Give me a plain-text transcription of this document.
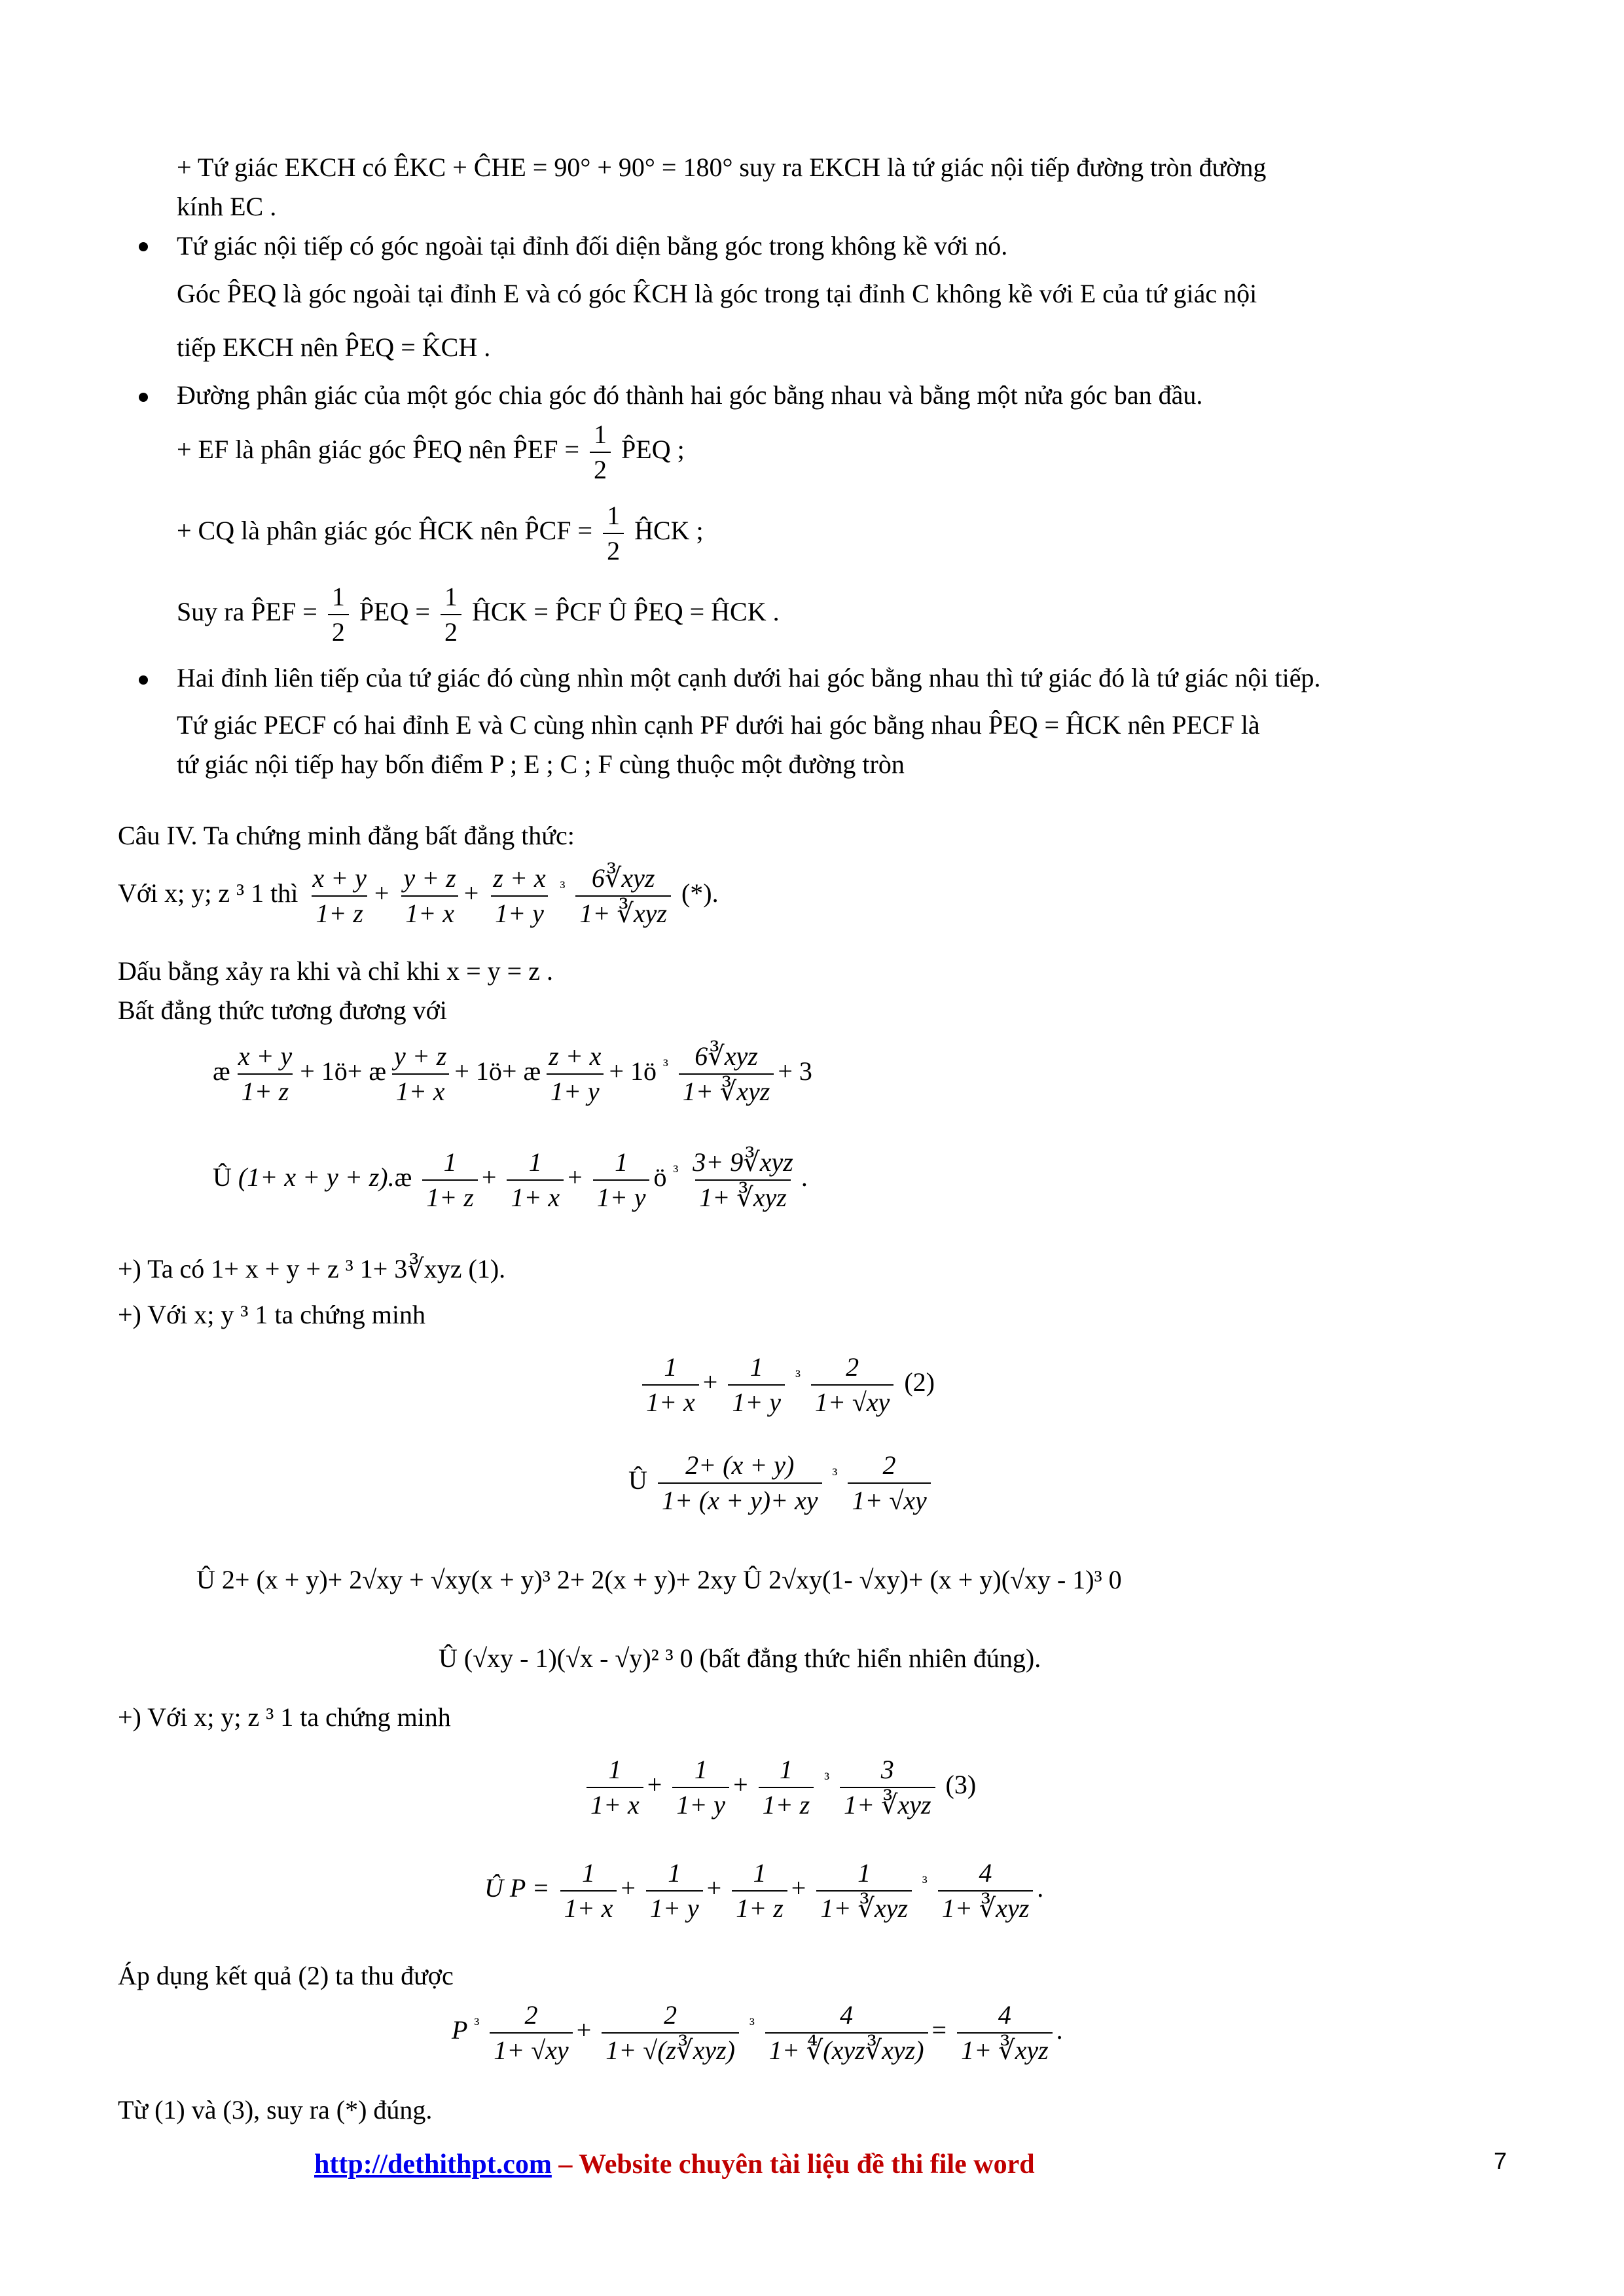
+ Tứ giác EKCH có ÊKC + ĈHE = 90° + 90° = 180° suy ra EKCH là tứ giác nội tiếp đường tròn đường
kính EC .
Tứ giác nội tiếp có góc ngoài tại đỉnh đối diện bằng góc trong không kề với nó.
Góc P̂EQ là góc ngoài tại đỉnh E và có góc K̂CH là góc trong tại đỉnh C không kề với E của tứ giác nội
tiếp EKCH nên P̂EQ = K̂CH .
Đường phân giác của một góc chia góc đó thành hai góc bằng nhau và bằng một nửa góc ban đầu.
+ EF là phân giác góc P̂EQ nên P̂EF = $\frac{1}{2}$ P̂EQ ;
+ CQ là phân giác góc ĤCK nên P̂CF = $\frac{1}{2}$ ĤCK ;
Suy ra P̂EF = $\frac{1}{2}$ P̂EQ = $\frac{1}{2}$ ĤCK = P̂CF Û P̂EQ = ĤCK .
Hai đỉnh liên tiếp của tứ giác đó cùng nhìn một cạnh dưới hai góc bằng nhau thì tứ giác đó là tứ giác nội tiếp.
Tứ giác PECF có hai đỉnh E và C cùng nhìn cạnh PF dưới hai góc bằng nhau P̂EQ = ĤCK nên PECF là
tứ giác nội tiếp hay bốn điểm P ; E ; C ; F cùng thuộc một đường tròn
Câu IV. Ta chứng minh đẳng bất đẳng thức:
Với x; y; z ³ 1 thì $\frac{x + y}{1+ z} + \frac{y + z}{1+ x} + \frac{z + x}{1+ y} ^{^3} \frac{\text{6∛xyz}}{\text{1+ ∛xyz}}$ (*).
Dấu bằng xảy ra khi và chỉ khi x = y = z .
Bất đẳng thức tương đương với
æ $\frac{x + y}{1+ z}$ + 1ö+ æ $\frac{y + z}{1+ x}$ + 1ö+ æ $\frac{z + x}{1+ y}$ + 1ö $^{^3} \frac{\text{6∛xyz}}{\text{1+ ∛xyz}} + 3$
Û (1+ x + y + z).æ $\frac{1}{1+ z} + \frac{1}{1+ x} + \frac{1}{1+ y}$ ö $^{^3} \frac{\text{3+ 9∛xyz}}{\text{1+ ∛xyz}}$ .
+) Ta có 1+ x + y + z ³ 1+ 3∛xyz (1).
+) Với x; y ³ 1 ta chứng minh
$\frac{1}{1+ x} + \frac{1}{1+ y} ^{^3} \frac{2}{1+ √xy} (2)$
Û $\frac{2+ (x + y)}{1+ (x + y)+ xy} ^{^3} \frac{2}{1+ √xy}$
Û 2+ (x + y)+ 2√xy + √xy(x + y)³ 2+ 2(x + y)+ 2xy Û 2√xy(1- √xy)+ (x + y)(√xy - 1)³ 0
Û (√xy - 1)(√x - √y)² ³ 0 (bất đẳng thức hiển nhiên đúng).
+) Với x; y; z ³ 1 ta chứng minh
$\frac{1}{1+ x} + \frac{1}{1+ y} + \frac{1}{1+ z} ^{^3} \frac{3}{\text{1+ ∛xyz}} (3)$
Û $P = \frac{1}{1+ x} + \frac{1}{1+ y} + \frac{1}{1+ z} + \frac{1}{\text{1+ ∛xyz}} ^{^3} \frac{4}{\text{1+ ∛xyz}}$ .
Áp dụng kết quả (2) ta thu được
P $^{^3} \frac{2}{1+ √xy} + \frac{2}{\text{1+ √(z∛xyz)}} ^{^3} \frac{4}{\text{1+ ∜(xyz∛xyz)}} = \frac{4}{\text{1+ ∛xyz}}$ .
Từ (1) và (3), suy ra (*) đúng.
http://dethithpt.com – Website chuyên tài liệu đề thi file word	7
